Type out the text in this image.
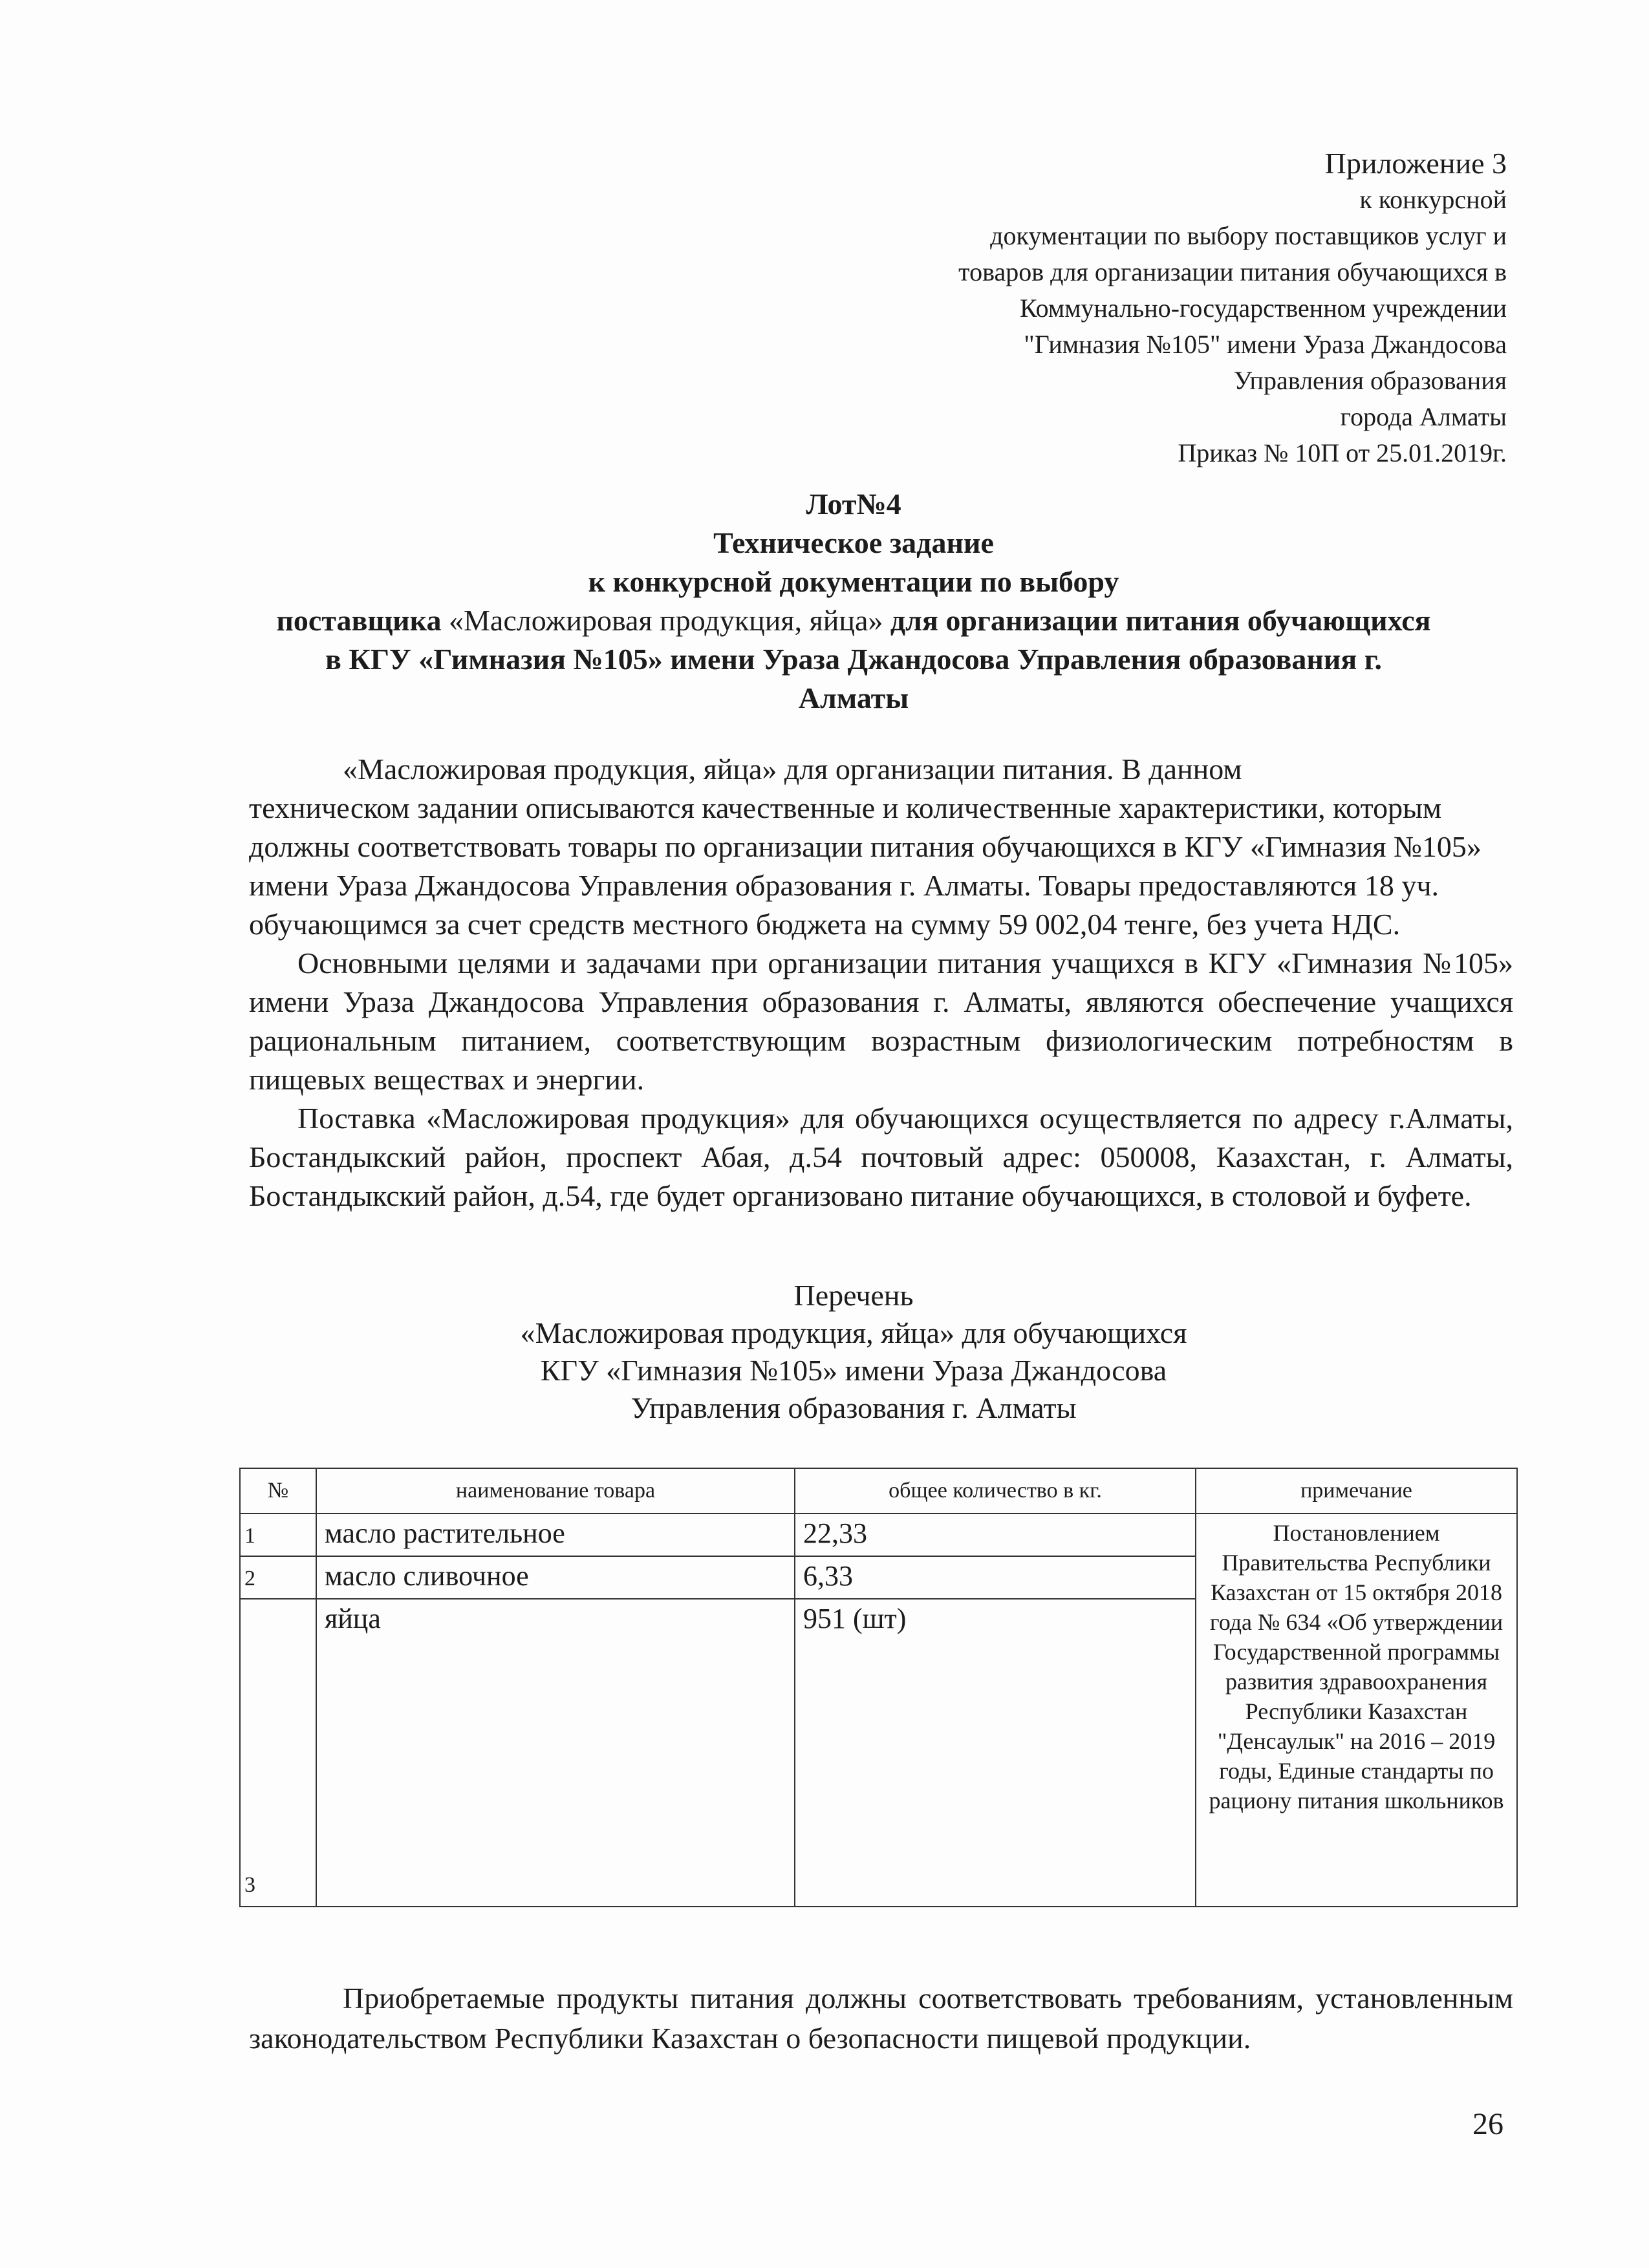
Приложение 3
к конкурсной
документации по выбору поставщиков услуг и
товаров для организации питания обучающихся в
Коммунально-государственном учреждении
"Гимназия №105" имени Ураза Джандосова
Управления образования
города Алматы
Приказ № 10П от 25.01.2019г.
Лот№4
Техническое задание
к конкурсной документации по выбору
поставщика «Масложировая продукция, яйца» для организации питания обучающихся
в КГУ «Гимназия №105» имени Ураза Джандосова Управления образования г.
Алматы

«Масложировая продукция, яйца» для организации питания. В данном
техническом задании описываются качественные и количественные характеристики, которым должны соответствовать товары по организации питания обучающихся в КГУ «Гимназия №105» имени Ураза Джандосова Управления образования г. Алматы. Товары предоставляются 18 уч. обучающимся за счет средств местного бюджета на сумму 59 002,04 тенге, без учета НДС.

Основными целями и задачами при организации питания учащихся в КГУ «Гимназия №105» имени Ураза Джандосова Управления образования г. Алматы, являются обеспечение учащихся рациональным питанием, соответствующим возрастным физиологическим потребностям в пищевых веществах и энергии.

Поставка «Масложировая продукция» для обучающихся осуществляется по адресу г.Алматы, Бостандыкский район, проспект Абая, д.54 почтовый адрес: 050008, Казахстан, г. Алматы, Бостандыкский район, д.54, где будет организовано питание обучающихся, в столовой и буфете.

Перечень
«Масложировая продукция, яйца» для обучающихся
КГУ «Гимназия №105» имени Ураза Джандосова
Управления образования г. Алматы
№	наименование товара	общее количество в кг.	примечание
1	масло растительное	22,33	Постановлением Правительства Республики Казахстан от 15 октября 2018 года № 634 «Об утверждении Государственной программы развития здравоохранения Республики Казахстан "Денсаулык" на 2016 – 2019 годы, Единые стандарты по рациону питания школьников
2	масло сливочное	6,33	
3	яйца	951 (шт)	
Приобретаемые продукты питания должны соответствовать требованиям, установленным законодательством Республики Казахстан о безопасности пищевой продукции.
26
